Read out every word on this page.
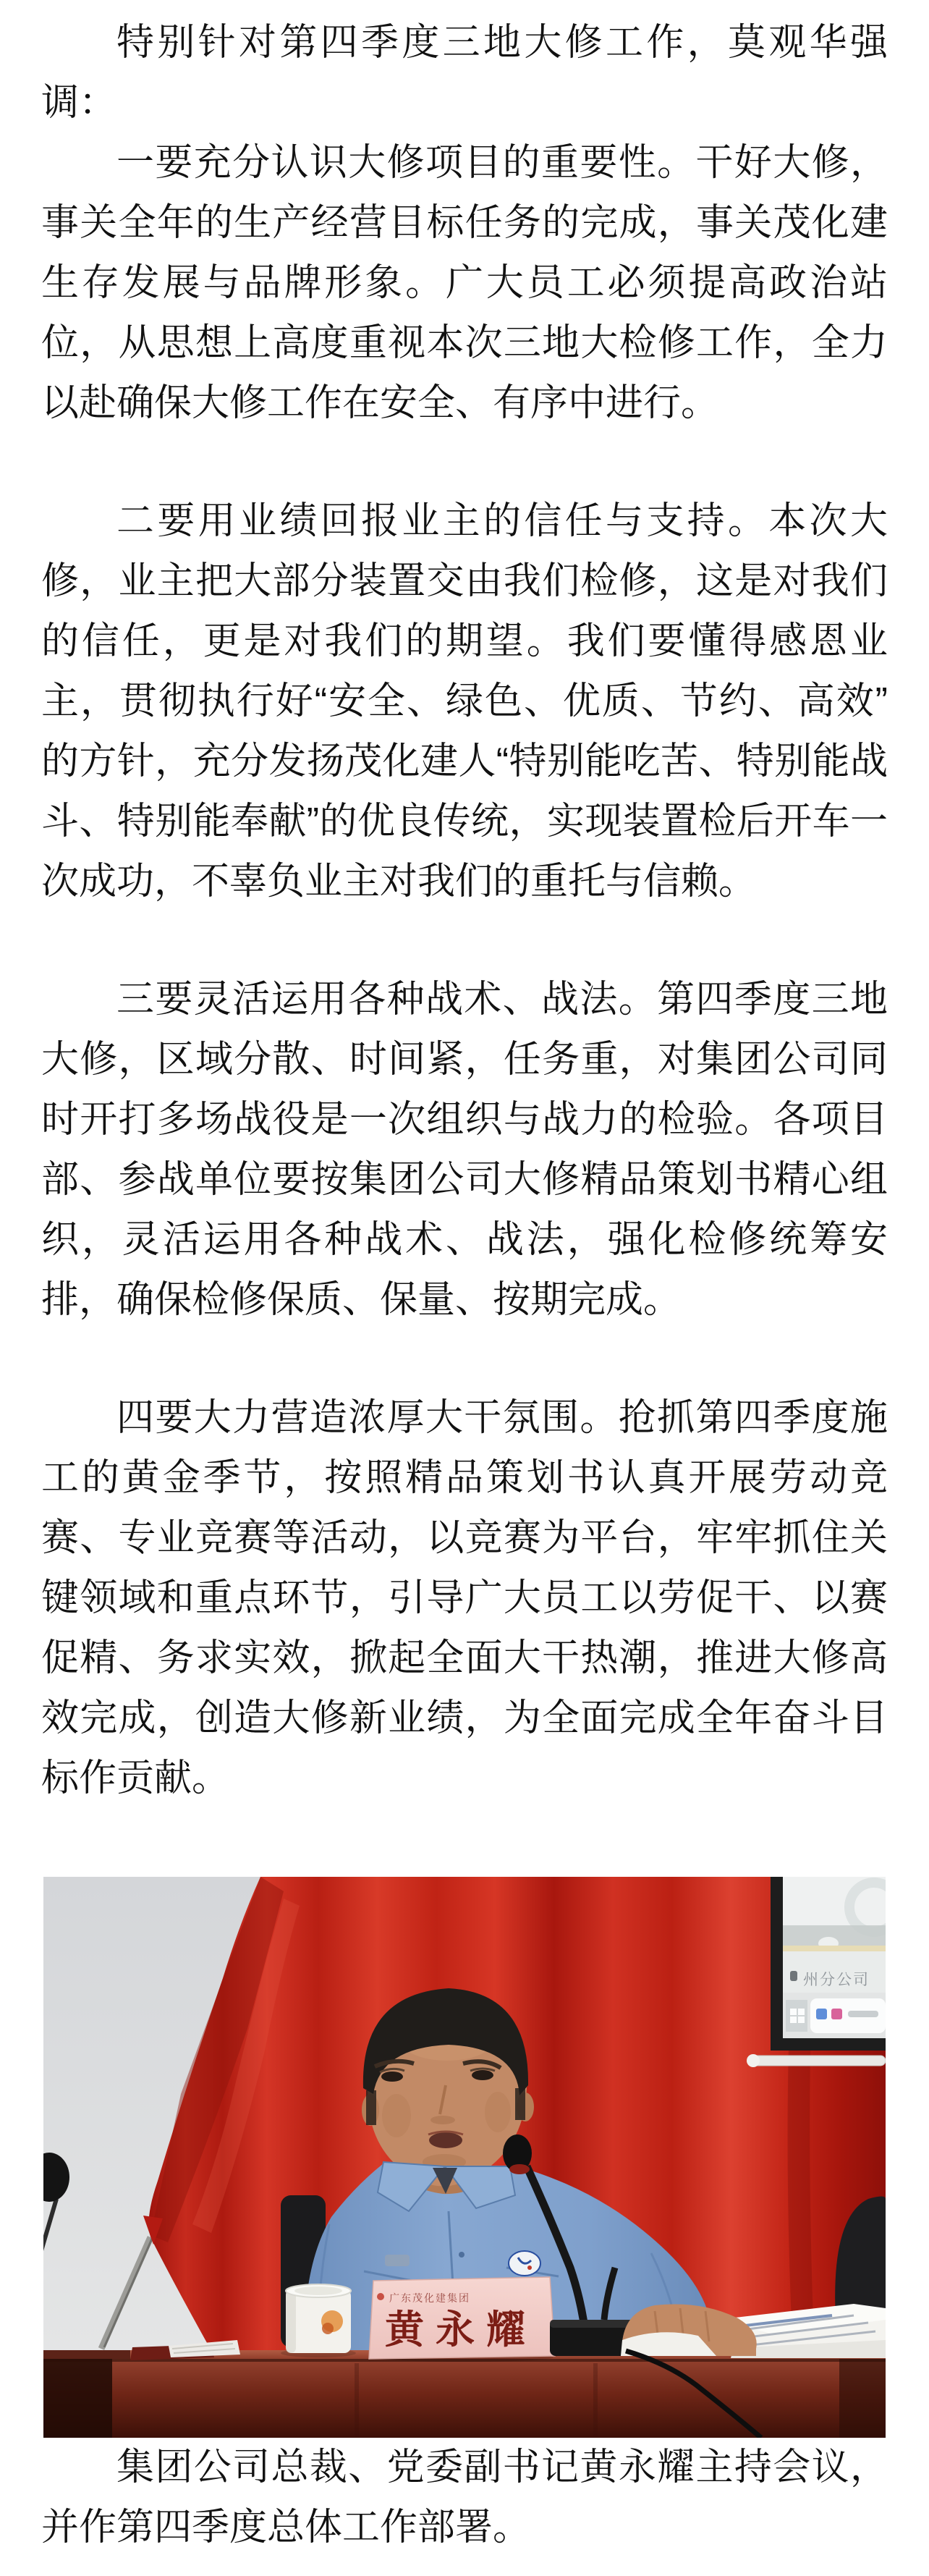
特别针对第四季度三地大修工作，莫观华强调：

一要充分认识大修项目的重要性。干好大修，事关全年的生产经营目标任务的完成，事关茂化建生存发展与品牌形象。广大员工必须提高政治站位，从思想上高度重视本次三地大检修工作，全力以赴确保大修工作在安全、有序中进行。

二要用业绩回报业主的信任与支持。本次大修，业主把大部分装置交由我们检修，这是对我们的信任，更是对我们的期望。我们要懂得感恩业主，贯彻执行好“安全、绿色、优质、节约、高效”的方针，充分发扬茂化建人“特别能吃苦、特别能战斗、特别能奉献”的优良传统，实现装置检后开车一次成功，不辜负业主对我们的重托与信赖。

三要灵活运用各种战术、战法。第四季度三地大修，区域分散、时间紧，任务重，对集团公司同时开打多场战役是一次组织与战力的检验。各项目部、参战单位要按集团公司大修精品策划书精心组织，灵活运用各种战术、战法，强化检修统筹安排，确保检修保质、保量、按期完成。

四要大力营造浓厚大干氛围。抢抓第四季度施工的黄金季节，按照精品策划书认真开展劳动竞赛、专业竞赛等活动，以竞赛为平台，牢牢抓住关键领域和重点环节，引导广大员工以劳促干、以赛促精、务求实效，掀起全面大干热潮，推进大修高效完成，创造大修新业绩，为全面完成全年奋斗目标作贡献。

州分公司
广东茂化建集团
黄永耀

集团公司总裁、党委副书记黄永耀主持会议，并作第四季度总体工作部署。
